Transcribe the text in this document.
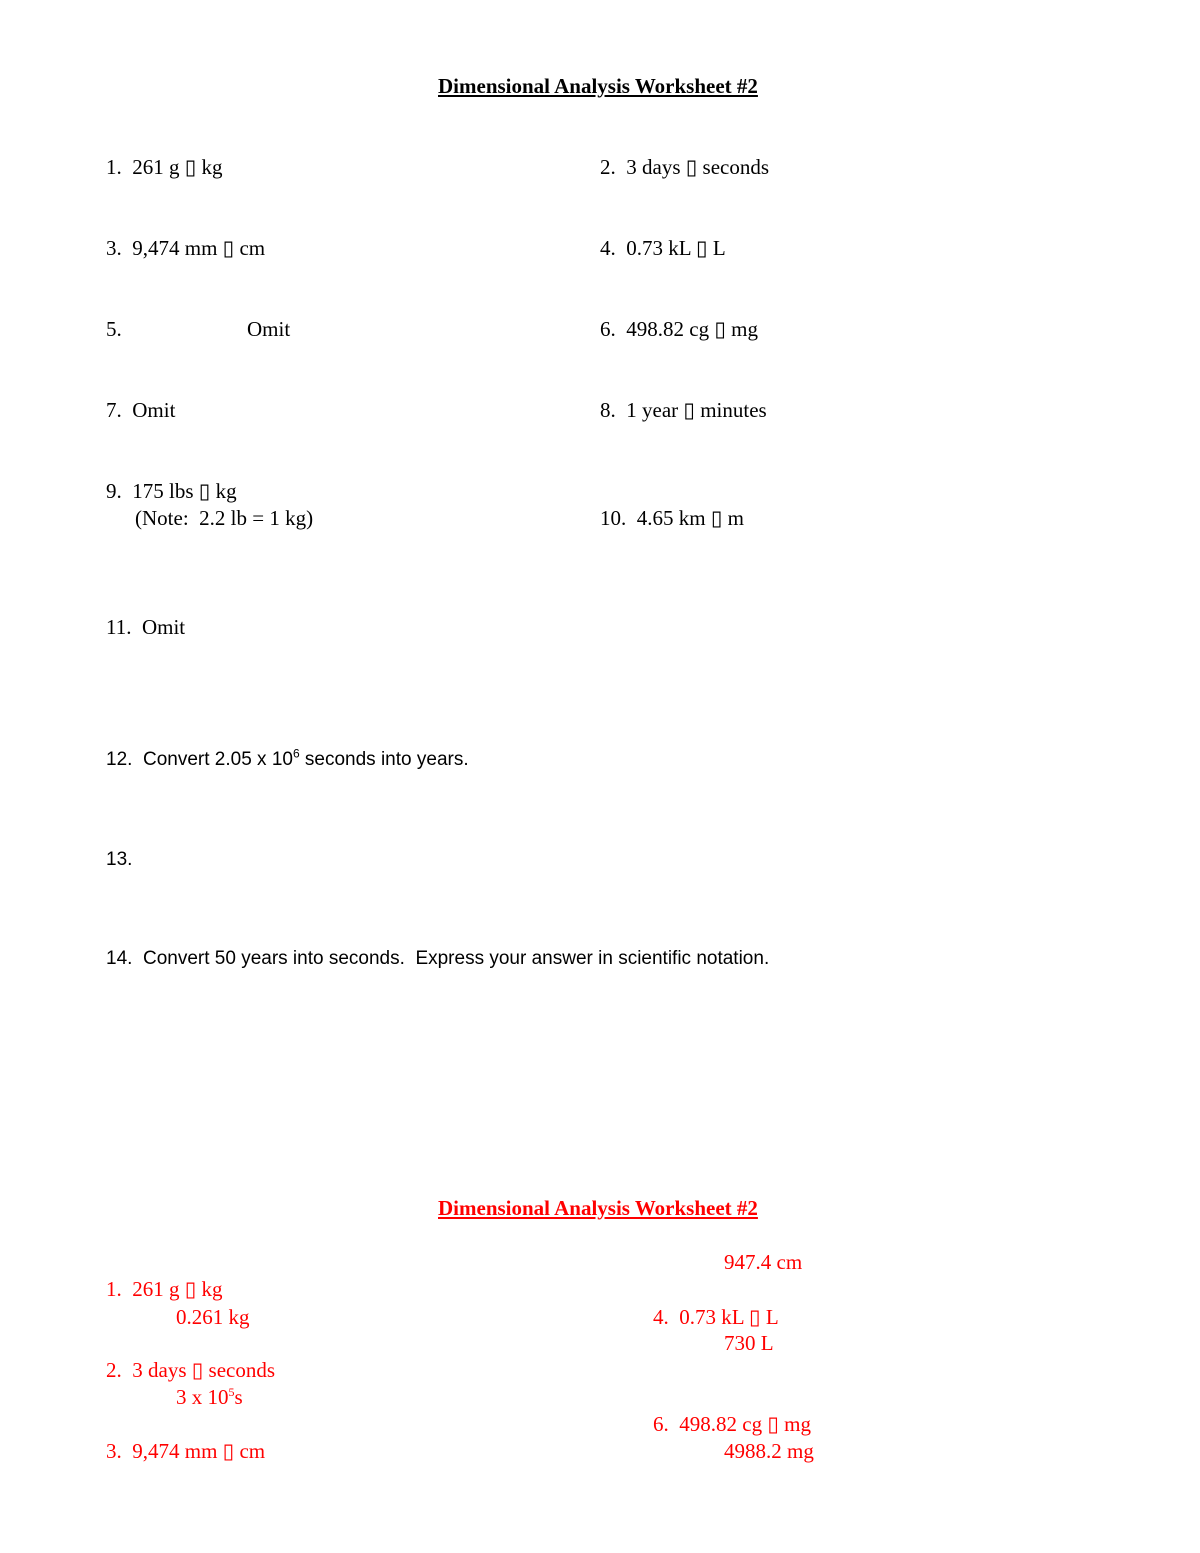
Dimensional Analysis Worksheet #2
1.  261 g ▯ kg	2.  3 days ▯ seconds
3.  9,474 mm ▯ cm	4.  0.73 kL ▯ L
5.	Omit	6.  498.82 cg ▯ mg
7.  Omit	8.  1 year ▯ minutes
9.  175 lbs ▯ kg
(Note:  2.2 lb = 1 kg)	10.  4.65 km ▯ m
11.  Omit
12.  Convert 2.05 x $10^6$ seconds into years.
13.
14.  Convert 50 years into seconds.  Express your answer in scientific notation.
Dimensional Analysis Worksheet #2
947.4 cm
1.  261 g ▯ kg
0.261 kg	4.  0.73 kL ▯ L
730 L
2.  3 days ▯ seconds
3 x $10^5s$
6.  498.82 cg ▯ mg
3.  9,474 mm ▯ cm	4988.2 mg
